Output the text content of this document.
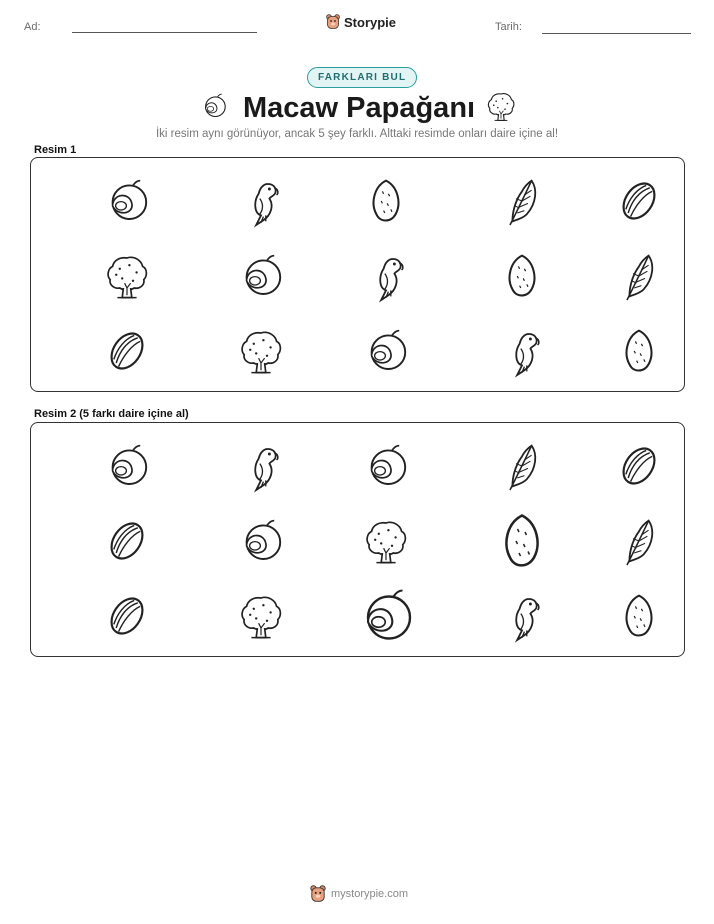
Ad:	Storypie	Tarih:
FARKLARI BUL
Macaw Papağanı
İki resim aynı görünüyor, ancak 5 şey farklı. Alttaki resimde onları daire içine al!
Resim 1
Resim 2 (5 farkı daire içine al)
mystorypie.com
